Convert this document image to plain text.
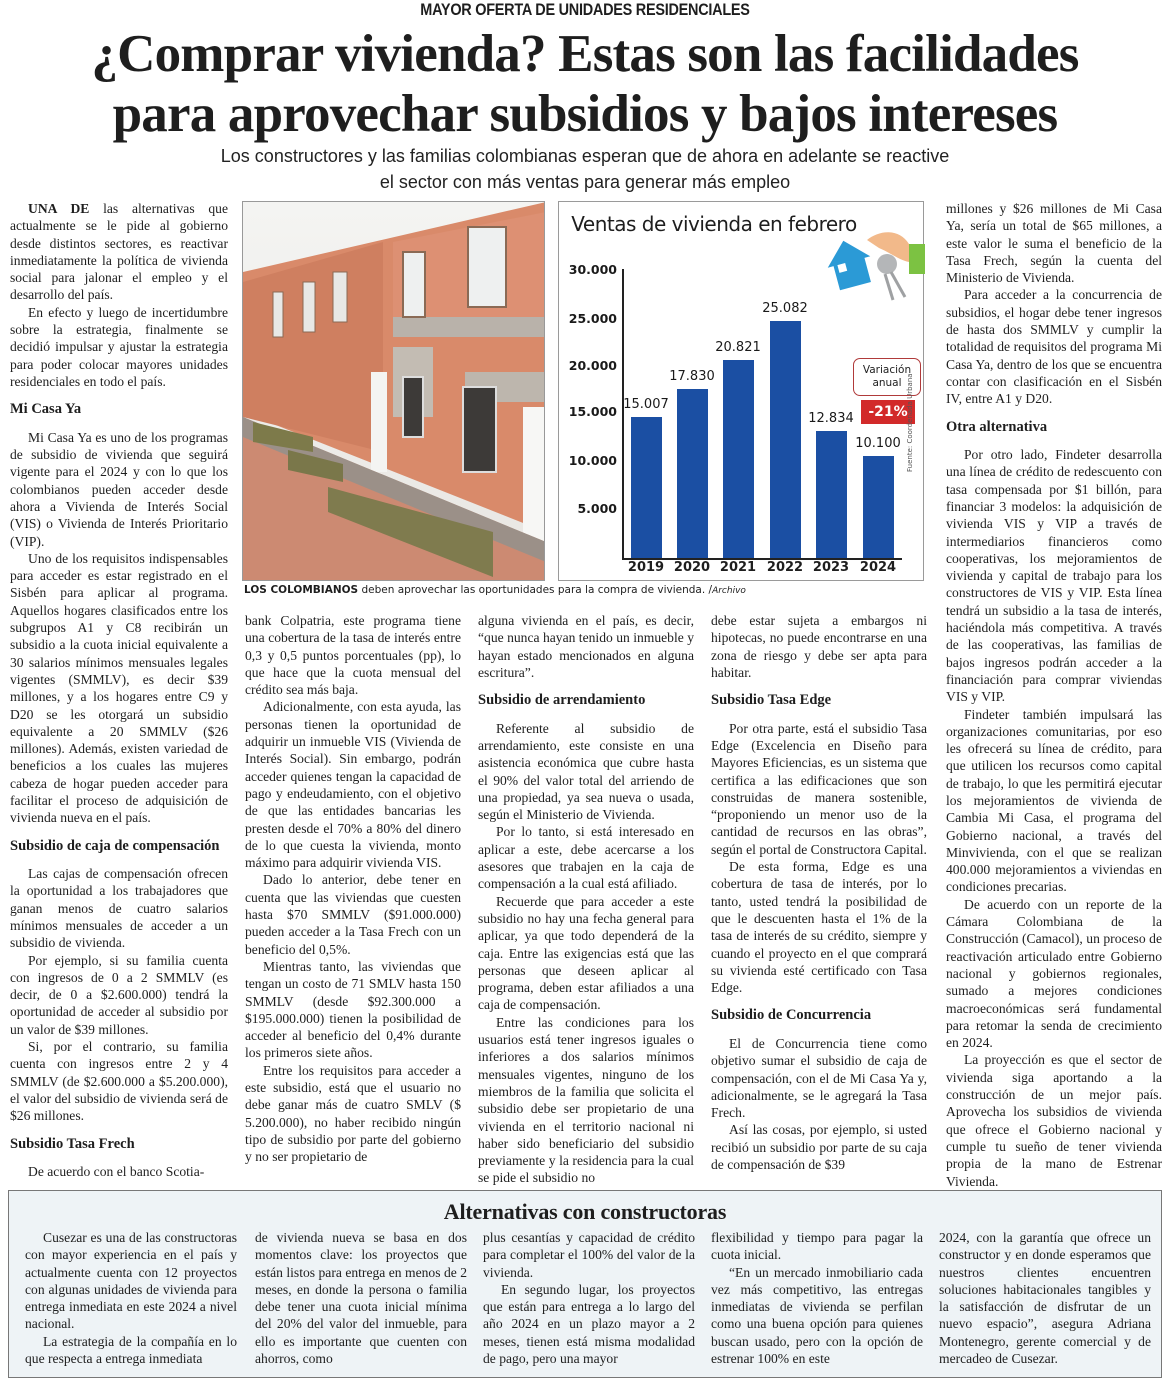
MAYOR OFERTA DE UNIDADES RESIDENCIALES
¿Comprar vivienda? Estas son las facilidades
para aprovechar subsidios y bajos intereses
Los constructores y las familias colombianas esperan que de ahora en adelante se reactive
el sector con más ventas para generar más empleo

UNA DE las alternativas que actualmente se le pide al gobierno desde distintos sectores, es reactivar inmediatamente la política de vivienda social para jalonar el empleo y el desarrollo del país.

En efecto y luego de incertidumbre sobre la estrategia, finalmente se decidió impulsar y ajustar la estrategia para poder colocar mayores unidades residenciales en todo el país.

Mi Casa Ya

Mi Casa Ya es uno de los programas de subsidio de vivienda que seguirá vigente para el 2024 y con lo que los colombianos pueden acceder desde ahora a Vivienda de Interés Social (VIS) o Vivienda de Interés Prioritario (VIP).

Uno de los requisitos indispensables para acceder es estar registrado en el Sisbén para aplicar al programa. Aquellos hogares clasificados entre los subgrupos A1 y C8 recibirán un subsidio a la cuota inicial equivalente a 30 salarios mínimos mensuales legales vigentes (SMMLV), es decir $39 millones, y a los hogares entre C9 y D20 se les otorgará un subsidio equivalente a 20 SMMLV ($26 millones). Además, existen variedad de beneficios a los cuales las mujeres cabeza de hogar pueden acceder para facilitar el proceso de adquisición de vivienda nueva en el país.

Subsidio de caja de compensación

Las cajas de compensación ofrecen la oportunidad a los trabajadores que ganan menos de cuatro salarios mínimos mensuales de acceder a un subsidio de vivienda.

Por ejemplo, si su familia cuenta con ingresos de 0 a 2 SMMLV (es decir, de 0 a $2.600.000) tendrá la oportunidad de acceder al subsidio por un valor de $39 millones.

Si, por el contrario, su familia cuenta con ingresos entre 2 y 4 SMMLV (de $2.600.000 a $5.200.000), el valor del subsidio de vivienda será de $26 millones.

Subsidio Tasa Frech

De acuerdo con el banco Scotia-

LOS COLOMBIANOS deben aprovechar las oportunidades para la compra de vivienda. /Archivo
Ventas de vivienda en febrero
30.000
25.000
20.000
15.000
10.000
5.000
15.007
17.830
20.821
25.082
12.834
10.100
2019 2020 2021 2022 2023 2024
Variación anual
-21%
Fuente: Coordenada Urbana

bank Colpatria, este programa tiene una cobertura de la tasa de interés entre 0,3 y 0,5 puntos porcentuales (pp), lo que hace que la cuota mensual del crédito sea más baja.

Adicionalmente, con esta ayuda, las personas tienen la oportunidad de adquirir un inmueble VIS (Vivienda de Interés Social). Sin embargo, podrán acceder quienes tengan la capacidad de pago y endeudamiento, con el objetivo de que las entidades bancarias les presten desde el 70% a 80% del dinero de lo que cuesta la vivienda, monto máximo para adquirir vivienda VIS.

Dado lo anterior, debe tener en cuenta que las viviendas que cuesten hasta $70 SMMLV ($91.000.000) pueden acceder a la Tasa Frech con un beneficio del 0,5%.

Mientras tanto, las viviendas que tengan un costo de 71 SMLV hasta 150 SMMLV (desde $92.300.000 a $195.000.000) tienen la posibilidad de acceder al beneficio del 0,4% durante los primeros siete años.

Entre los requisitos para acceder a este subsidio, está que el usuario no debe ganar más de cuatro SMLV ($ 5.200.000), no haber recibido ningún tipo de subsidio por parte del gobierno y no ser propietario de

alguna vivienda en el país, es decir, “que nunca hayan tenido un inmueble y hayan estado mencionados en alguna escritura”.

Subsidio de arrendamiento

Referente al subsidio de arrendamiento, este consiste en una asistencia económica que cubre hasta el 90% del valor total del arriendo de una propiedad, ya sea nueva o usada, según el Ministerio de Vivienda.

Por lo tanto, si está interesado en aplicar a este, debe acercarse a los asesores que trabajen en la caja de compensación a la cual está afiliado.

Recuerde que para acceder a este subsidio no hay una fecha general para aplicar, ya que todo dependerá de la caja. Entre las exigencias está que las personas que deseen aplicar al programa, deben estar afiliados a una caja de compensación.

Entre las condiciones para los usuarios está tener ingresos iguales o inferiores a dos salarios mínimos mensuales vigentes, ninguno de los miembros de la familia que solicita el subsidio debe ser propietario de una vivienda en el territorio nacional ni haber sido beneficiario del subsidio previamente y la residencia para la cual se pide el subsidio no

debe estar sujeta a embargos ni hipotecas, no puede encontrarse en una zona de riesgo y debe ser apta para habitar.

Subsidio Tasa Edge

Por otra parte, está el subsidio Tasa Edge (Excelencia en Diseño para Mayores Eficiencias, es un sistema que certifica a las edificaciones que son construidas de manera sostenible, “proponiendo un menor uso de la cantidad de recursos en las obras”, según el portal de Constructora Capital.

De esta forma, Edge es una cobertura de tasa de interés, por lo tanto, usted tendrá la posibilidad de que le descuenten hasta el 1% de la tasa de interés de su crédito, siempre y cuando el proyecto en el que comprará su vivienda esté certificado con Tasa Edge.

Subsidio de Concurrencia

El de Concurrencia tiene como objetivo sumar el subsidio de caja de compensación, con el de Mi Casa Ya y, adicionalmente, se le agregará la Tasa Frech.

Así las cosas, por ejemplo, si usted recibió un subsidio por parte de su caja de compensación de $39

millones y $26 millones de Mi Casa Ya, sería un total de $65 millones, a este valor le suma el beneficio de la Tasa Frech, según la cuenta del Ministerio de Vivienda.

Para acceder a la concurrencia de subsidios, el hogar debe tener ingresos de hasta dos SMMLV y cumplir la totalidad de requisitos del programa Mi Casa Ya, dentro de los que se encuentra contar con clasificación en el Sisbén IV, entre A1 y D20.

Otra alternativa

Por otro lado, Findeter desarrolla una línea de crédito de redescuento con tasa compensada por $1 billón, para financiar 3 modelos: la adquisición de vivienda VIS y VIP a través de intermediarios financieros como cooperativas, los mejoramientos de vivienda y capital de trabajo para los constructores de VIS y VIP. Esta línea tendrá un subsidio a la tasa de interés, haciéndola más competitiva. A través de las cooperativas, las familias de bajos ingresos podrán acceder a la financiación para comprar viviendas VIS y VIP.

Findeter también impulsará las organizaciones comunitarias, por eso les ofrecerá su línea de crédito, para que utilicen los recursos como capital de trabajo, lo que les permitirá ejecutar los mejoramientos de vivienda de Cambia Mi Casa, el programa del Gobierno nacional, a través del Minvivienda, con el que se realizan 400.000 mejoramientos a viviendas en condiciones precarias.

De acuerdo con un reporte de la Cámara Colombiana de la Construcción (Camacol), un proceso de reactivación articulado entre Gobierno nacional y gobiernos regionales, sumado a mejores condiciones macroeconómicas será fundamental para retomar la senda de crecimiento en 2024.

La proyección es que el sector de vivienda siga aportando a la construcción de un mejor país. Aprovecha los subsidios de vivienda que ofrece el Gobierno nacional y cumple tu sueño de tener vivienda propia de la mano de Estrenar Vivienda.

Alternativas con constructoras

Cusezar es una de las constructoras con mayor experiencia en el país y actualmente cuenta con 12 proyectos con algunas unidades de vivienda para entrega inmediata en este 2024 a nivel nacional.

La estrategia de la compañía en lo que respecta a entrega inmediata

de vivienda nueva se basa en dos momentos clave: los proyectos que están listos para entrega en menos de 2 meses, en donde la persona o familia debe tener una cuota inicial mínima del 20% del valor del inmueble, para ello es importante que cuenten con ahorros, como

plus cesantías y capacidad de crédito para completar el 100% del valor de la vivienda.

En segundo lugar, los proyectos que están para entrega a lo largo del año 2024 en un plazo mayor a 2 meses, tienen está misma modalidad de pago, pero una mayor

flexibilidad y tiempo para pagar la cuota inicial.

“En un mercado inmobiliario cada vez más competitivo, las entregas inmediatas de vivienda se perfilan como una buena opción para quienes buscan usado, pero con la opción de estrenar 100% en este

2024, con la garantía que ofrece un constructor y en donde esperamos que nuestros clientes encuentren soluciones habitacionales tangibles y la satisfacción de disfrutar de un nuevo espacio”, asegura Adriana Montenegro, gerente comercial y de mercadeo de Cusezar.
